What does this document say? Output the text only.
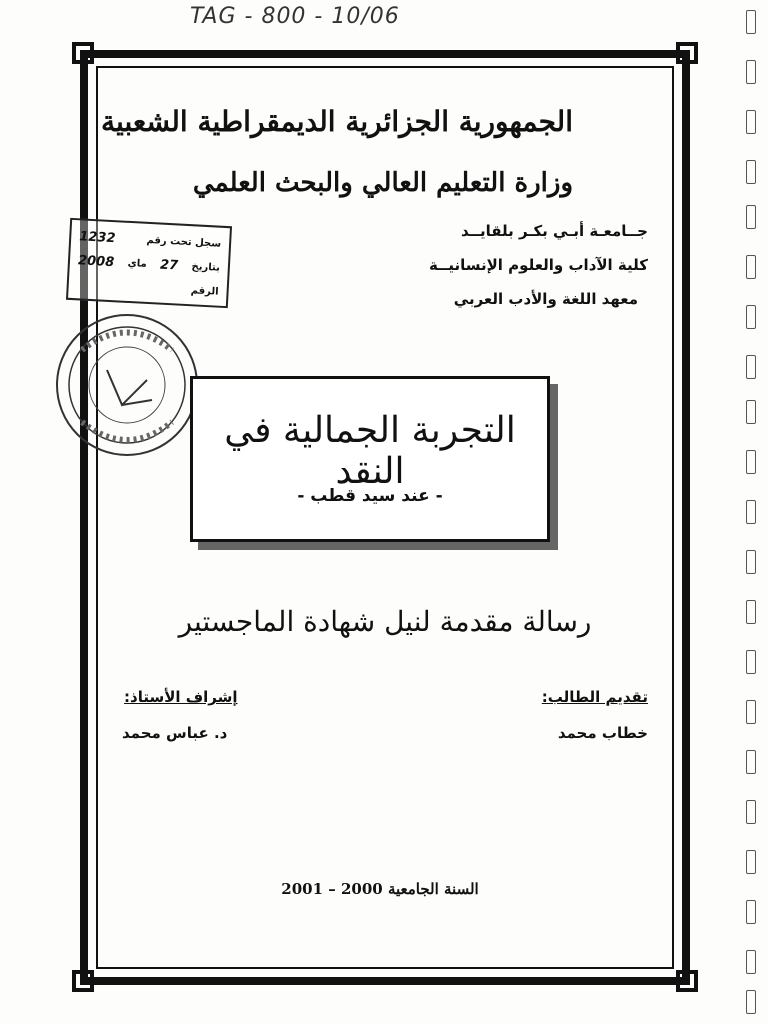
TAG - 800 - 10/06
الجمهورية الجزائرية الديمقراطية الشعبية
وزارة التعليم العالي والبحث العلمي
جــامعـة أبـي بكـر بلقايــد
كلية الآداب والعلوم الإنسانيــة
معهد اللغة والأدب العربي
سجل تحت رقم
1232
بتاريخ
27
ماي
2008
الرقم
التجربة الجمالية في النقد
- عند سيد قطب -
رسالة مقدمة لنيل شهادة الماجستير
تقديم الطالب:
خطاب محمد
إشراف الأستاذ:
د. عباس محمد
السنة الجامعية 2000 – 2001
